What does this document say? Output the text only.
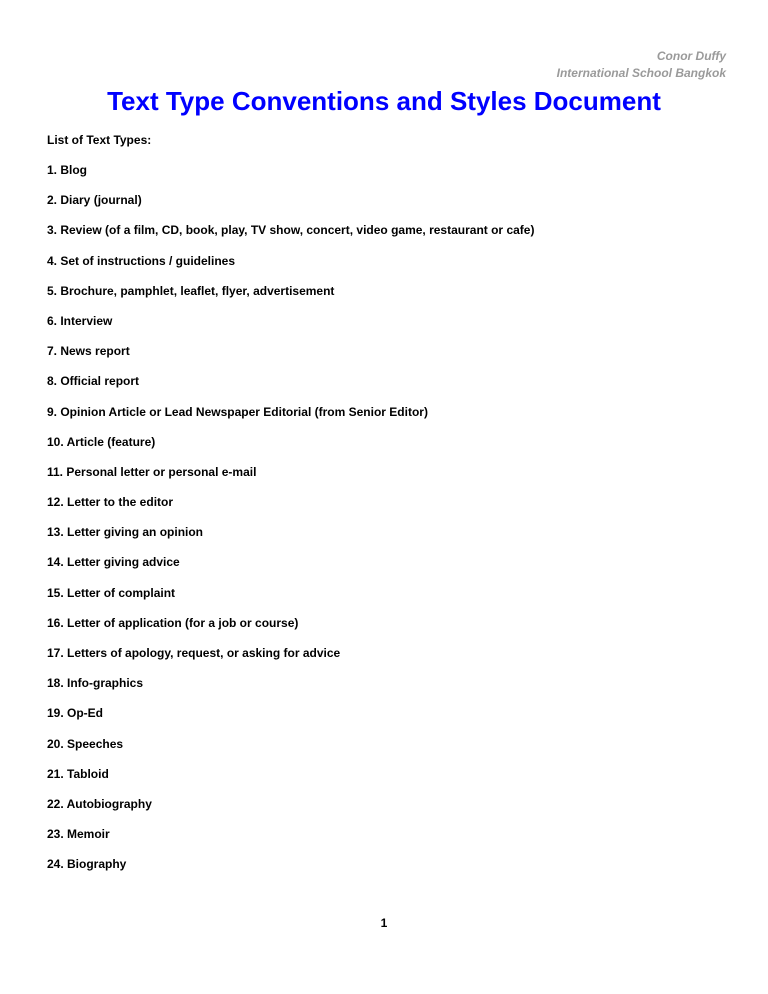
Conor Duffy
International School Bangkok
Text Type Conventions and Styles Document
List of Text Types:
1. Blog
2. Diary (journal)
3. Review (of a film, CD, book, play, TV show, concert, video game, restaurant or cafe)
4. Set of instructions / guidelines
5. Brochure, pamphlet, leaflet, flyer, advertisement
6. Interview
7. News report
8. Official report
9. Opinion Article or Lead Newspaper Editorial (from Senior Editor)
10. Article (feature)
11. Personal letter or personal e-mail
12. Letter to the editor
13. Letter giving an opinion
14. Letter giving advice
15. Letter of complaint
16. Letter of application (for a job or course)
17. Letters of apology, request, or asking for advice
18. Info-graphics
19. Op-Ed
20. Speeches
21. Tabloid
22. Autobiography
23. Memoir
24. Biography
1
